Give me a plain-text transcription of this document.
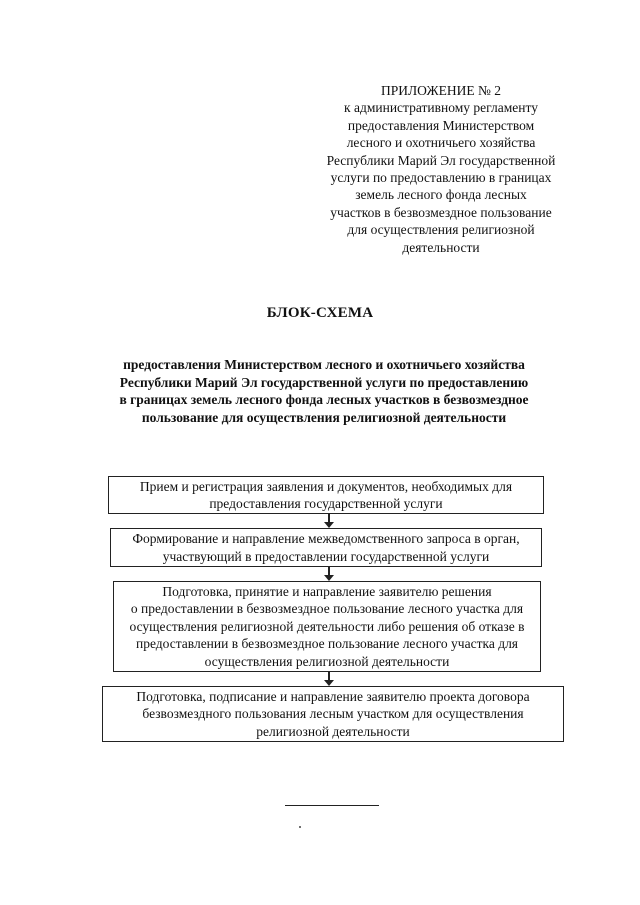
ПРИЛОЖЕНИЕ № 2
к административному регламенту
предоставления Министерством
лесного и охотничьего хозяйства
Республики Марий Эл государственной
услуги по предоставлению в границах
земель лесного фонда лесных
участков в безвозмездное пользование
для осуществления религиозной
деятельности
БЛОК-СХЕМА
предоставления Министерством лесного и охотничьего хозяйства
Республики Марий Эл государственной услуги по предоставлению
в границах земель лесного фонда лесных участков в безвозмездное
пользование для осуществления религиозной деятельности
Прием и регистрация заявления и документов, необходимых для
предоставления государственной услуги
Формирование и направление межведомственного запроса в орган,
участвующий в предоставлении государственной услуги
Подготовка, принятие и направление заявителю решения
о предоставлении в безвозмездное пользование лесного участка для
осуществления религиозной деятельности либо решения об отказе в
предоставлении в безвозмездное пользование лесного участка для
осуществления религиозной деятельности
Подготовка, подписание и направление заявителю проекта договора
безвозмездного пользования лесным участком для осуществления
религиозной деятельности
